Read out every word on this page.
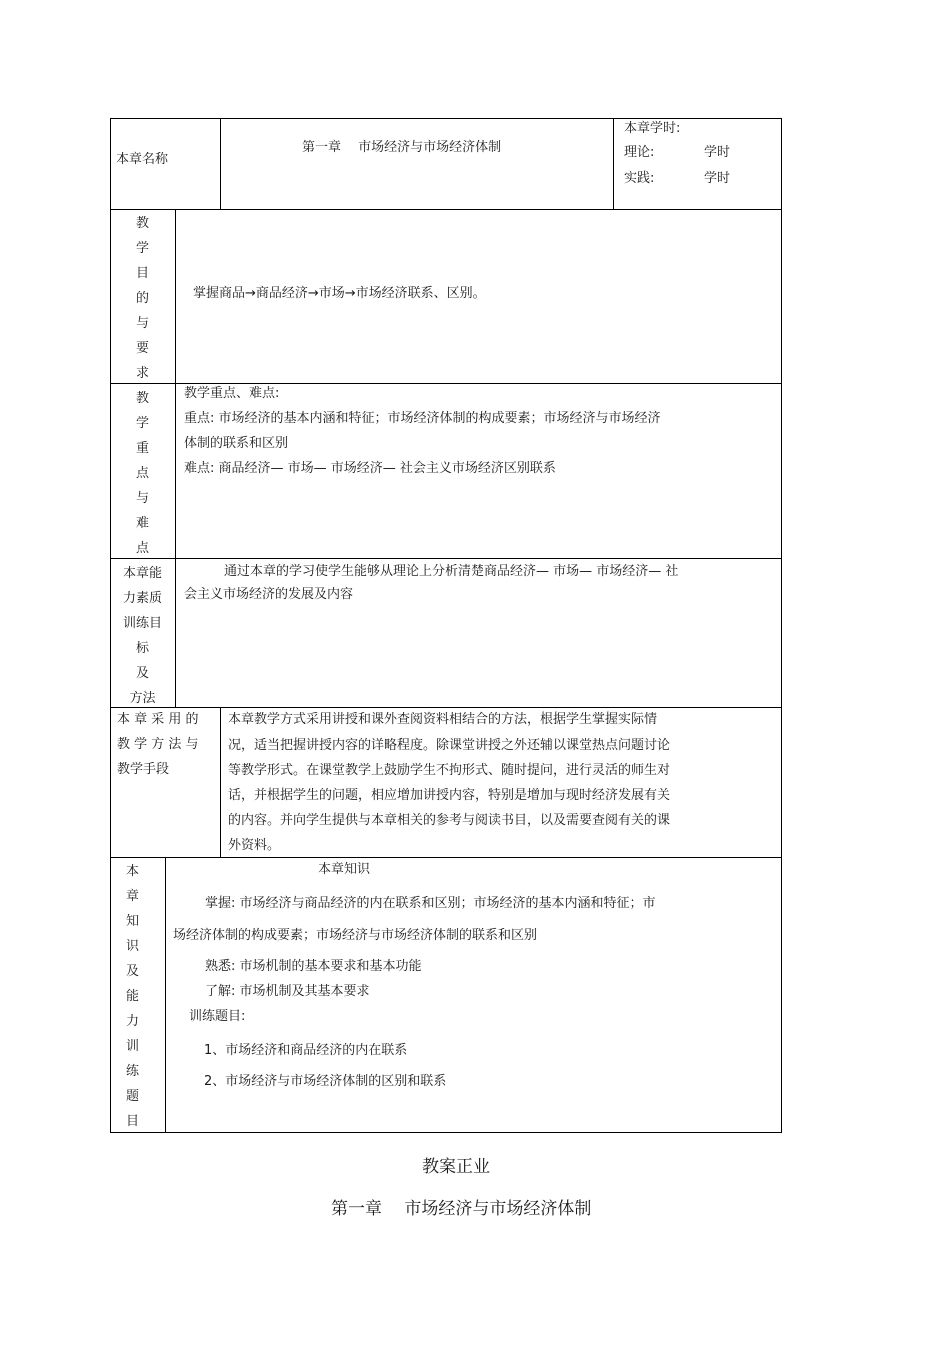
本章名称
第一章　 市场经济与市场经济体制
本章学时:
理论:	学时
实践:	学时
教
学
目
的
与
要
求
掌握商品→商品经济→市场→市场经济联系、区别。
教
学
重
点
与
难
点
教学重点、难点:
重点: 市场经济的基本内涵和特征；市场经济体制的构成要素；市场经济与市场经济
体制的联系和区别
难点: 商品经济— 市场— 市场经济— 社会主义市场经济区别联系
本章能
力素质
训练目
标
及
方法
通过本章的学习使学生能够从理论上分析清楚商品经济— 市场— 市场经济— 社
会主义市场经济的发展及内容
本 章 采 用 的
教 学 方 法 与
教学手段
本章教学方式采用讲授和课外查阅资料相结合的方法，根据学生掌握实际情
况，适当把握讲授内容的详略程度。除课堂讲授之外还辅以课堂热点问题讨论
等教学形式。在课堂教学上鼓励学生不拘形式、随时提问，进行灵活的师生对
话，并根据学生的问题，相应增加讲授内容，特别是增加与现时经济发展有关
的内容。并向学生提供与本章相关的参考与阅读书目，以及需要查阅有关的课
外资料。
本
章
知
识
及
能
力
训
练
题
目
本章知识
掌握: 市场经济与商品经济的内在联系和区别；市场经济的基本内涵和特征；市
场经济体制的构成要素；市场经济与市场经济体制的联系和区别
熟悉: 市场机制的基本要求和基本功能
了解: 市场机制及其基本要求
训练题目:
1、市场经济和商品经济的内在联系
2、市场经济与市场经济体制的区别和联系
教案正业
第一章　 市场经济与市场经济体制
